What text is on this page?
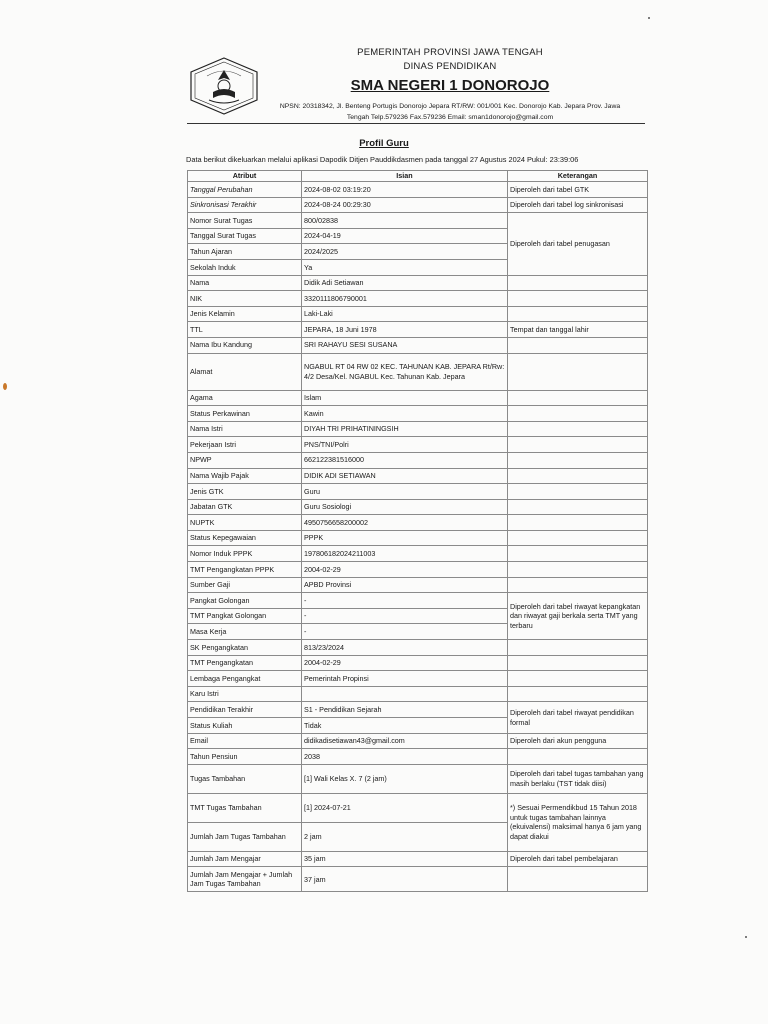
PEMERINTAH PROVINSI JAWA TENGAH
DINAS PENDIDIKAN
SMA NEGERI 1 DONOROJO
NPSN: 20318342, Jl. Benteng Portugis Donorojo Jepara RT/RW: 001/001 Kec. Donorojo Kab. Jepara Prov. Jawa
Tengah Telp.579236 Fax.579236 Email: sman1donorojo@gmail.com
Profil Guru
Data berikut dikeluarkan melalui aplikasi Dapodik Ditjen Pauddikdasmen pada tanggal 27 Agustus 2024 Pukul: 23:39:06
Atribut	Isian	Keterangan
Tanggal Perubahan	2024-08-02 03:19:20	Diperoleh dari tabel GTK
Sinkronisasi Terakhir	2024-08-24 00:29:30	Diperoleh dari tabel log sinkronisasi
Nomor Surat Tugas	800/02838	Diperoleh dari tabel penugasan
Tanggal Surat Tugas	2024-04-19	
Tahun Ajaran	2024/2025	
Sekolah Induk	Ya	
Nama	Didik Adi Setiawan	
NIK	3320111806790001	
Jenis Kelamin	Laki-Laki	
TTL	JEPARA, 18 Juni 1978	Tempat dan tanggal lahir
Nama Ibu Kandung	SRI RAHAYU SESI SUSANA	
Alamat	NGABUL RT 04 RW 02 KEC. TAHUNAN KAB. JEPARA Rt/Rw: 4/2 Desa/Kel. NGABUL Kec. Tahunan Kab. Jepara	
Agama	Islam	
Status Perkawinan	Kawin	
Nama Istri	DIYAH TRI PRIHATININGSIH	
Pekerjaan Istri	PNS/TNI/Polri	
NPWP	662122381516000	
Nama Wajib Pajak	DIDIK ADI SETIAWAN	
Jenis GTK	Guru	
Jabatan GTK	Guru Sosiologi	
NUPTK	4950756658200002	
Status Kepegawaian	PPPK	
Nomor Induk PPPK	197806182024211003	
TMT Pengangkatan PPPK	2004-02-29	
Sumber Gaji	APBD Provinsi	
Pangkat Golongan	-	Diperoleh dari tabel riwayat kepangkatan dan riwayat gaji berkala serta TMT yang terbaru
TMT Pangkat Golongan	-	
Masa Kerja	-	
SK Pengangkatan	813/23/2024	
TMT Pengangkatan	2004-02-29	
Lembaga Pengangkat	Pemerintah Propinsi	
Karu Istri		
Pendidikan Terakhir	S1 - Pendidikan Sejarah	Diperoleh dari tabel riwayat pendidikan formal
Status Kuliah	Tidak	
Email	didikadisetiawan43@gmail.com	Diperoleh dari akun pengguna
Tahun Pensiun	2038	
Tugas Tambahan	[1] Wali Kelas X. 7 (2 jam)	Diperoleh dari tabel tugas tambahan yang masih berlaku (TST tidak diisi)
TMT Tugas Tambahan	[1] 2024-07-21	*) Sesuai Permendikbud 15 Tahun 2018 untuk tugas tambahan lainnya (ekuivalensi) maksimal hanya 6 jam yang dapat diakui
Jumlah Jam Tugas Tambahan	2 jam	
Jumlah Jam Mengajar	35 jam	Diperoleh dari tabel pembelajaran
Jumlah Jam Mengajar + Jumlah Jam Tugas Tambahan	37 jam	
